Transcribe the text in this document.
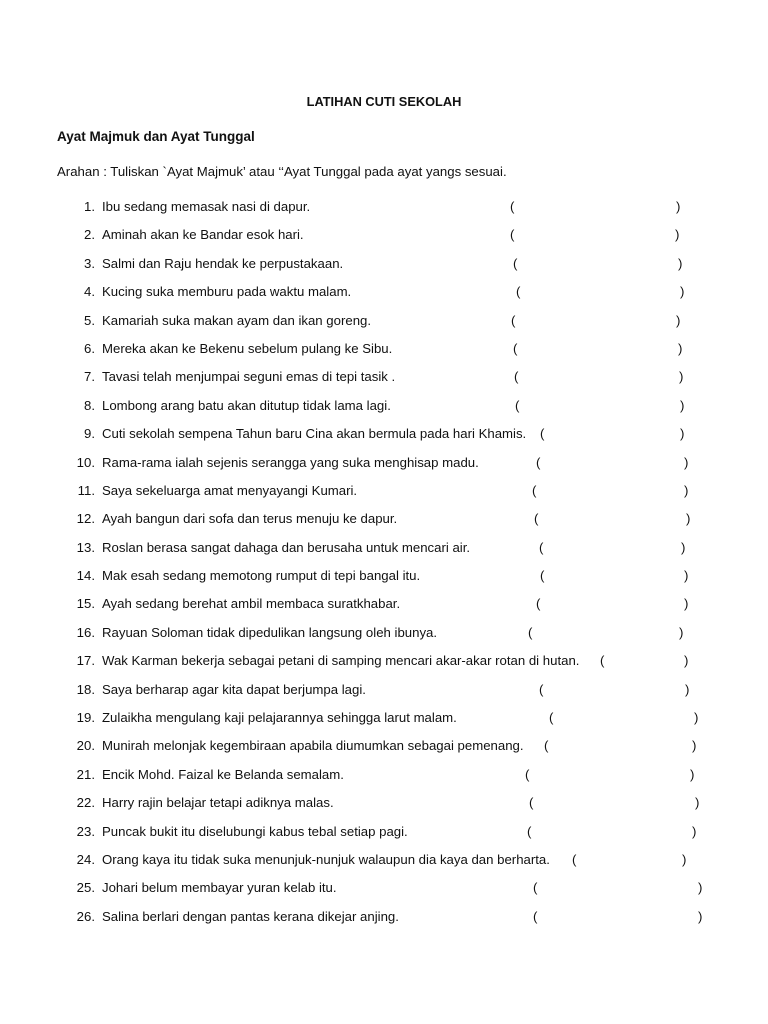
LATIHAN CUTI SEKOLAH
Ayat Majmuk dan Ayat Tunggal
Arahan : Tuliskan `Ayat Majmuk’ atau ‘‘Ayat Tunggal pada ayat yangs sesuai.
1. Ibu sedang memasak nasi di dapur.	(	)
2. Aminah akan ke Bandar esok hari.	(	)
3. Salmi dan Raju hendak ke perpustakaan.	(	)
4. Kucing suka memburu pada waktu malam.	(	)
5. Kamariah suka makan ayam dan ikan goreng.	(	)
6. Mereka akan ke Bekenu sebelum pulang ke Sibu.	(	)
7. Tavasi telah menjumpai seguni emas di tepi tasik .	(	)
8. Lombong arang batu akan ditutup tidak lama lagi.	(	)
9. Cuti sekolah sempena Tahun baru Cina akan bermula pada hari Khamis. (	)
10. Rama-rama ialah sejenis serangga yang suka menghisap madu.	(	)
11. Saya sekeluarga amat menyayangi Kumari.	(	)
12. Ayah bangun dari sofa dan terus menuju ke dapur.	(	)
13. Roslan berasa sangat dahaga dan berusaha untuk mencari air.	(	)
14. Mak esah sedang memotong rumput di tepi bangal itu.	(	)
15. Ayah sedang berehat ambil membaca suratkhabar.	(	)
16. Rayuan Soloman tidak dipedulikan langsung oleh ibunya.	(	)
17. Wak Karman bekerja sebagai petani di samping mencari akar-akar rotan di hutan. (	)
18. Saya berharap agar kita dapat berjumpa lagi.	(	)
19. Zulaikha mengulang kaji pelajarannya sehingga larut malam.	(	)
20. Munirah melonjak kegembiraan apabila diumumkan sebagai pemenang. (	)
21. Encik Mohd. Faizal ke Belanda semalam.	(	)
22. Harry rajin belajar tetapi adiknya malas.	(	)
23. Puncak bukit itu diselubungi kabus tebal setiap pagi.	(	)
24. Orang kaya itu tidak suka menunjuk-nunjuk walaupun dia kaya dan berharta. (	)
25. Johari belum membayar yuran kelab itu.	(	)
26. Salina berlari dengan pantas kerana dikejar anjing.	(	)
